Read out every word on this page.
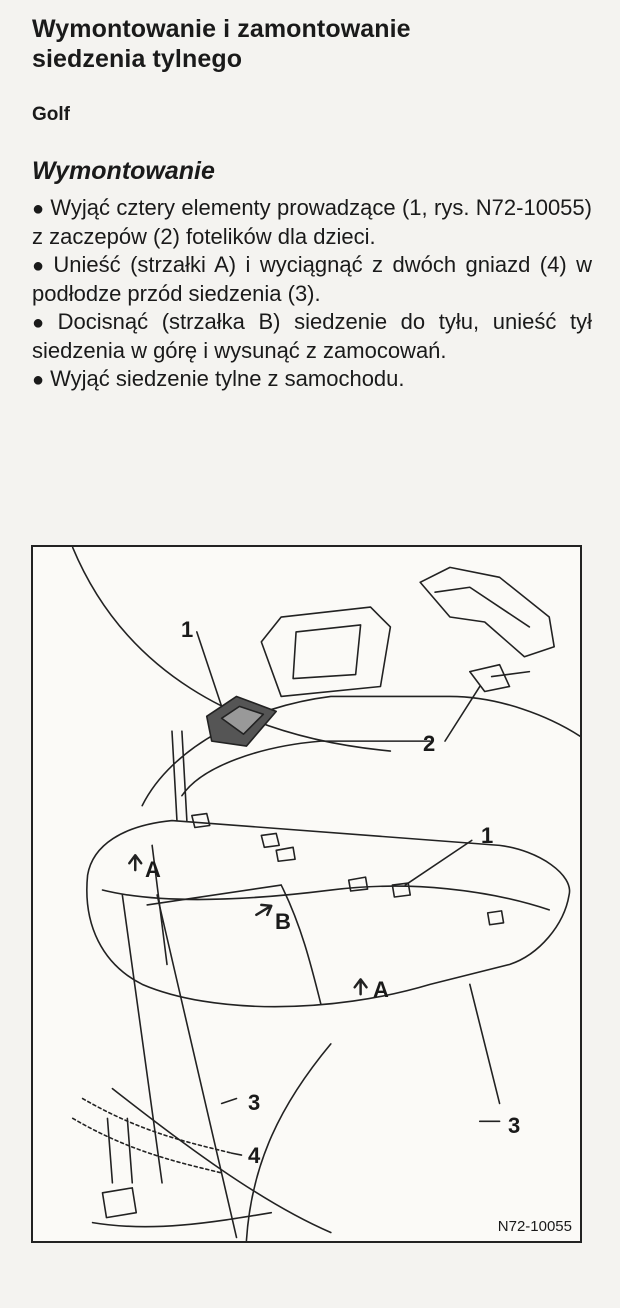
Wymontowanie i zamontowanie
siedzenia tylnego
Golf
Wymontowanie
● Wyjąć cztery elementy prowadzące (1, rys. N72-10055) z zaczepów (2) fotelików dla dzieci.
● Unieść (strzałki A) i wyciągnąć z dwóch gniazd (4) w podłodze przód siedzenia (3).
● Docisnąć (strzałka B) siedzenie do tyłu, unieść tył siedzenia w górę i wysunąć z zamocowań.
● Wyjąć siedzenie tylne z samochodu.
1
2
1
A
B
A
3
4
3
N72-10055
